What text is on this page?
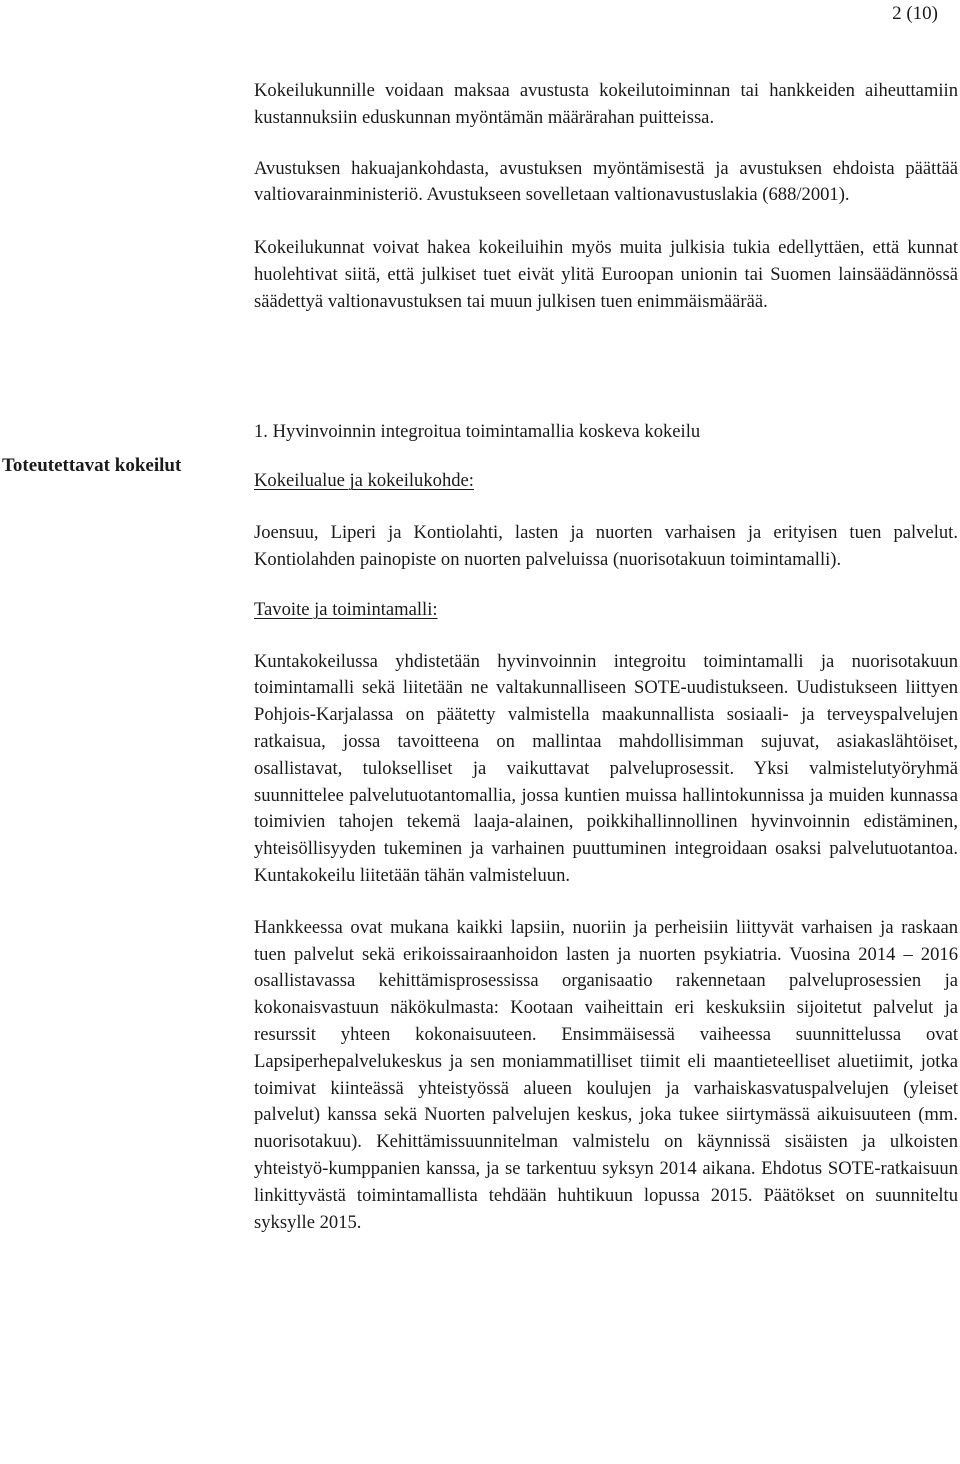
2 (10)
Toteutettavat kokeilut

Kokeilukunnille voidaan maksaa avustusta kokeilutoiminnan tai hankkeiden aiheuttamiin kustannuksiin eduskunnan myöntämän määrärahan puitteissa.

Avustuksen hakuajankohdasta, avustuksen myöntämisestä ja avustuksen ehdoista päättää valtiovarainministeriö. Avustukseen sovelletaan valtionavustuslakia (688/2001).

Kokeilukunnat voivat hakea kokeiluihin myös muita julkisia tukia edellyttäen, että kunnat huolehtivat siitä, että julkiset tuet eivät ylitä Euroopan unionin tai Suomen lainsäädännössä säädettyä valtionavustuksen tai muun julkisen tuen enimmäismäärää.

1. Hyvinvoinnin integroitua toimintamallia koskeva kokeilu

Kokeilualue ja kokeilukohde:

Joensuu, Liperi ja Kontiolahti, lasten ja nuorten varhaisen ja erityisen tuen palvelut. Kontiolahden painopiste on nuorten palveluissa (nuorisotakuun toimintamalli).

Tavoite ja toimintamalli:

Kuntakokeilussa yhdistetään hyvinvoinnin integroitu toimintamalli ja nuorisotakuun toimintamalli sekä liitetään ne valtakunnalliseen SOTE-uudistukseen. Uudistukseen liittyen Pohjois-Karjalassa on päätetty valmistella maakunnallista sosiaali- ja terveyspalvelujen ratkaisua, jossa tavoitteena on mallintaa mahdollisimman sujuvat, asiakaslähtöiset, osallistavat, tulokselliset ja vaikuttavat palveluprosessit. Yksi valmistelutyöryhmä suunnittelee palvelutuotantomallia, jossa kuntien muissa hallintokunnissa ja muiden kunnassa toimivien tahojen tekemä laaja-alainen, poikkihallinnollinen hyvinvoinnin edistäminen, yhteisöllisyyden tukeminen ja varhainen puuttuminen integroidaan osaksi palvelutuotantoa. Kuntakokeilu liitetään tähän valmisteluun.

Hankkeessa ovat mukana kaikki lapsiin, nuoriin ja perheisiin liittyvät varhaisen ja raskaan tuen palvelut sekä erikoissairaanhoidon lasten ja nuorten psykiatria. Vuosina 2014 – 2016 osallistavassa kehittämisprosessissa organisaatio rakennetaan palveluprosessien ja kokonaisvastuun näkökulmasta: Kootaan vaiheittain eri keskuksiin sijoitetut palvelut ja resurssit yhteen kokonaisuuteen. Ensimmäisessä vaiheessa suunnittelussa ovat Lapsiperhepalvelukeskus ja sen moniammatilliset tiimit eli maantieteelliset aluetiimit, jotka toimivat kiinteässä yhteistyössä alueen koulujen ja varhaiskasvatuspalvelujen (yleiset palvelut) kanssa sekä Nuorten palvelujen keskus, joka tukee siirtymässä aikuisuuteen (mm. nuorisotakuu). Kehittämissuunnitelman valmistelu on käynnissä sisäisten ja ulkoisten yhteistyö-kumppanien kanssa, ja se tarkentuu syksyn 2014 aikana. Ehdotus SOTE-ratkaisuun linkittyvästä toimintamallista tehdään huhtikuun lopussa 2015. Päätökset on suunniteltu syksylle 2015.
